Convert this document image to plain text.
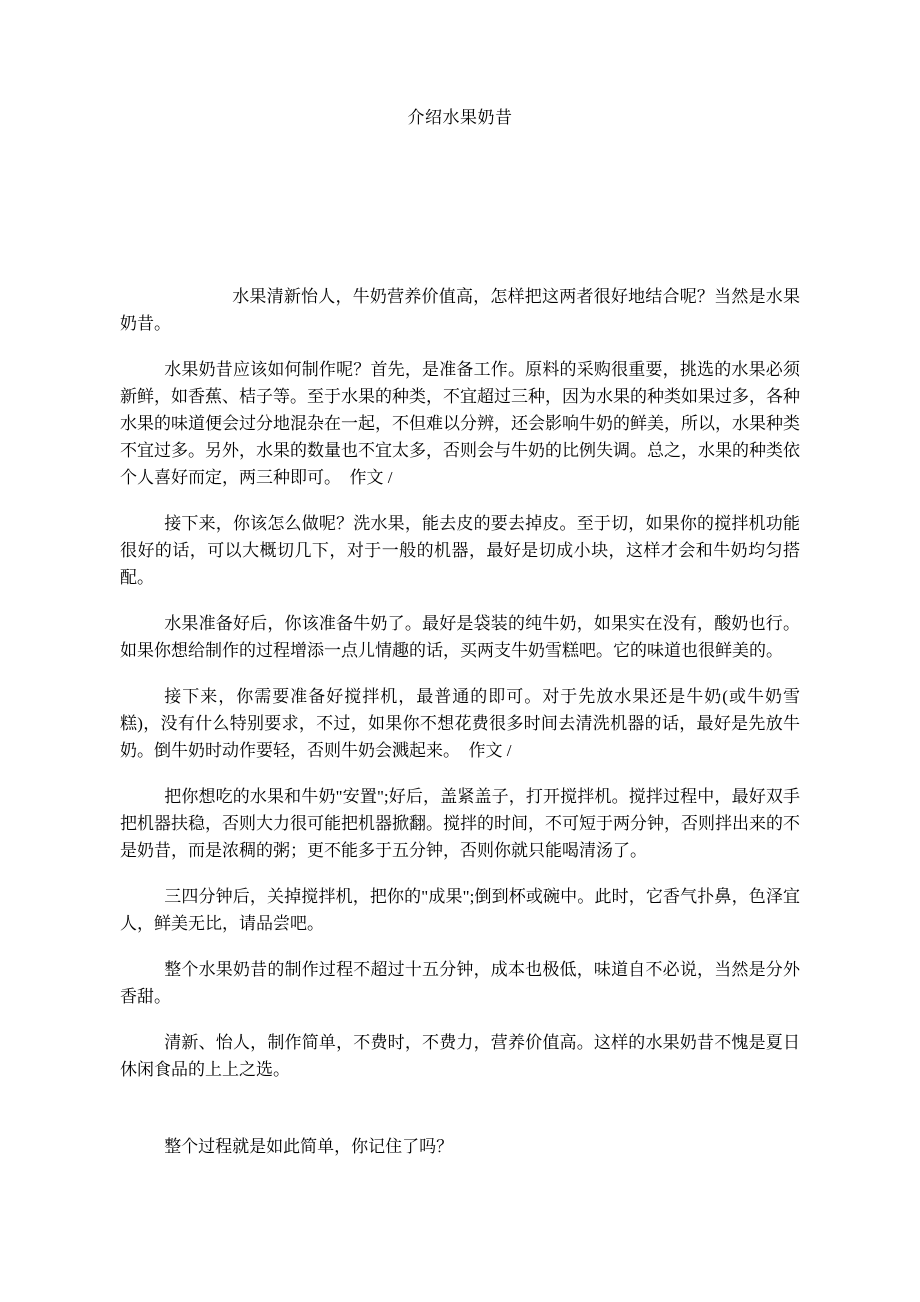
介绍水果奶昔

水果清新怡人，牛奶营养价值高，怎样把这两者很好地结合呢？当然是水果奶昔。

水果奶昔应该如何制作呢？首先，是准备工作。原料的采购很重要，挑选的水果必须新鲜，如香蕉、桔子等。至于水果的种类，不宜超过三种，因为水果的种类如果过多，各种水果的味道便会过分地混杂在一起，不但难以分辨，还会影响牛奶的鲜美，所以，水果种类不宜过多。另外，水果的数量也不宜太多，否则会与牛奶的比例失调。总之，水果的种类依个人喜好而定，两三种即可。　作文 /

接下来，你该怎么做呢？洗水果，能去皮的要去掉皮。至于切，如果你的搅拌机功能很好的话，可以大概切几下，对于一般的机器，最好是切成小块，这样才会和牛奶均匀搭配。

水果准备好后，你该准备牛奶了。最好是袋装的纯牛奶，如果实在没有，酸奶也行。如果你想给制作的过程增添一点儿情趣的话，买两支牛奶雪糕吧。它的味道也很鲜美的。

接下来，你需要准备好搅拌机，最普通的即可。对于先放水果还是牛奶(或牛奶雪糕)，没有什么特别要求，不过，如果你不想花费很多时间去清洗机器的话，最好是先放牛奶。倒牛奶时动作要轻，否则牛奶会溅起来。　作文 /

把你想吃的水果和牛奶"安置";好后，盖紧盖子，打开搅拌机。搅拌过程中，最好双手把机器扶稳，否则大力很可能把机器掀翻。搅拌的时间，不可短于两分钟，否则拌出来的不是奶昔，而是浓稠的粥；更不能多于五分钟，否则你就只能喝清汤了。

三四分钟后，关掉搅拌机，把你的"成果";倒到杯或碗中。此时，它香气扑鼻，色泽宜人，鲜美无比，请品尝吧。

整个水果奶昔的制作过程不超过十五分钟，成本也极低，味道自不必说，当然是分外香甜。

清新、怡人，制作简单，不费时，不费力，营养价值高。这样的水果奶昔不愧是夏日休闲食品的上上之选。

整个过程就是如此简单，你记住了吗？
